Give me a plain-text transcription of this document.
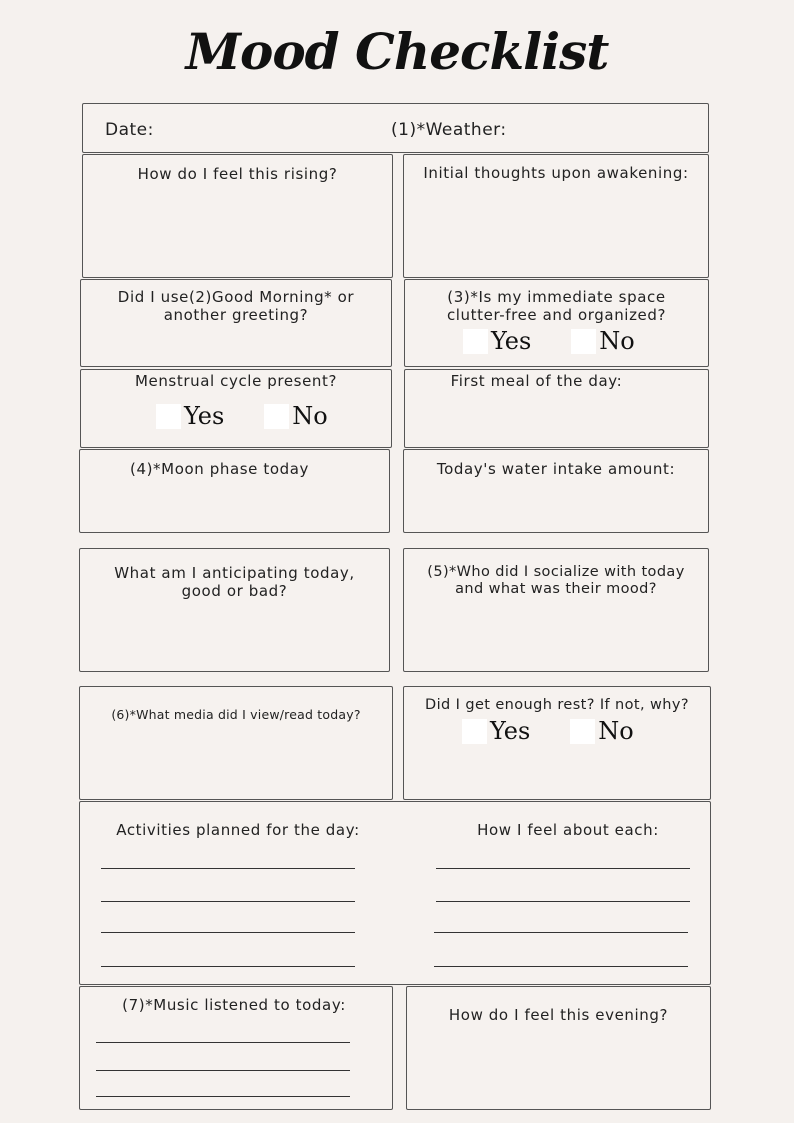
Mood Checklist
Date:	(1)*Weather:
How do I feel this rising?	Initial thoughts upon awakening:
Did I use(2)Good Morning* or
another greeting?
(3)*Is my immediate space
clutter-free and organized?
Yes	No
Menstrual cycle present?
Yes	No
First meal of the day:
(4)*Moon phase today	Today's water intake amount:
What am I anticipating today,
good or bad?
(5)*Who did I socialize with today
and what was their mood?
(6)*What media did I view/read today?
Did I get enough rest? If not, why?
Yes	No
Activities planned for the day:	How I feel about each:
(7)*Music listened to today:
How do I feel this evening?
